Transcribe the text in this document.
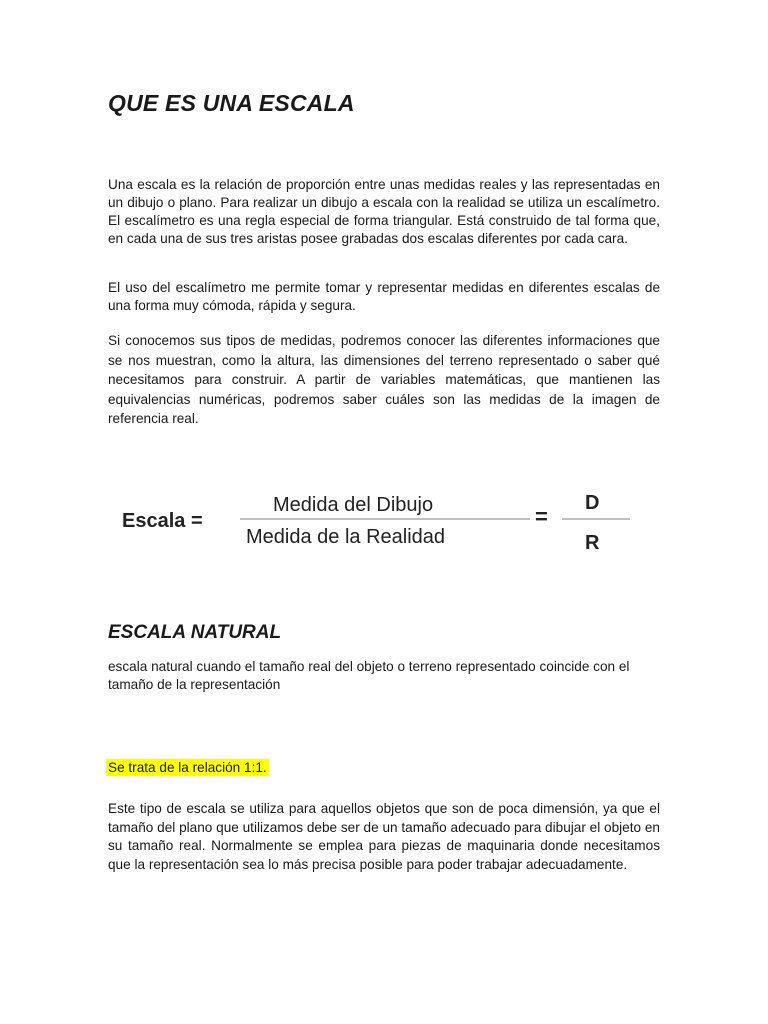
QUE ES UNA ESCALA

Una escala es la relación de proporción entre unas medidas reales y las representadas en un dibujo o plano. Para realizar un dibujo a escala con la realidad se utiliza un escalímetro. El escalímetro es una regla especial de forma triangular. Está construido de tal forma que, en cada una de sus tres aristas posee grabadas dos escalas diferentes por cada cara.

El uso del escalímetro me permite tomar y representar medidas en diferentes escalas de una forma muy cómoda, rápida y segura.

Si conocemos sus tipos de medidas, podremos conocer las diferentes informaciones que se nos muestran, como la altura, las dimensiones del terreno representado o saber qué necesitamos para construir. A partir de variables matemáticas, que mantienen las equivalencias numéricas, podremos saber cuáles son las medidas de la imagen de referencia real.

Escala =
Medida del Dibujo
Medida de la Realidad
=
D
R
ESCALA NATURAL

escala natural cuando el tamaño real del objeto o terreno representado coincide con el tamaño de la representación

Se trata de la relación 1:1.

Este tipo de escala se utiliza para aquellos objetos que son de poca dimensión, ya que el tamaño del plano que utilizamos debe ser de un tamaño adecuado para dibujar el objeto en su tamaño real. Normalmente se emplea para piezas de maquinaria donde necesitamos que la representación sea lo más precisa posible para poder trabajar adecuadamente.
